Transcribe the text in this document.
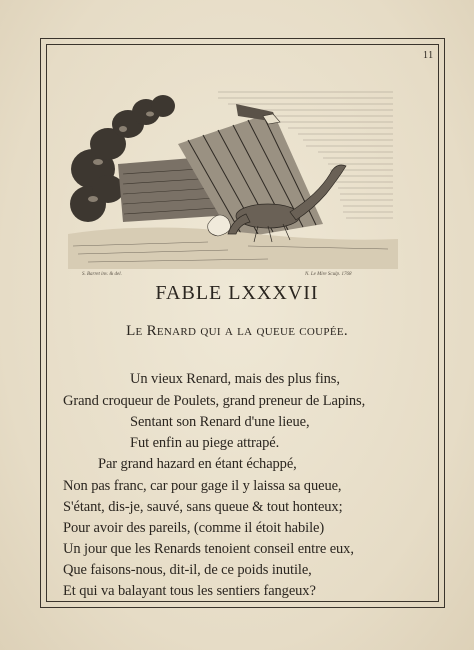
11
S. Barret inv. & del.	N. Le Mire Sculp. 1768
FABLE LXXXVII
Le Renard qui a la queue coupée.
Un vieux Renard, mais des plus fins,
Grand croqueur de Poulets, grand preneur de Lapins,
Sentant son Renard d'une lieue,
Fut enfin au piege attrapé.
Par grand hazard en étant échappé,
Non pas franc, car pour gage il y laissa sa queue,
S'étant, dis-je, sauvé, sans queue & tout honteux;
Pour avoir des pareils, (comme il étoit habile)
Un jour que les Renards tenoient conseil entre eux,
Que faisons-nous, dit-il, de ce poids inutile,
Et qui va balayant tous les sentiers fangeux?
